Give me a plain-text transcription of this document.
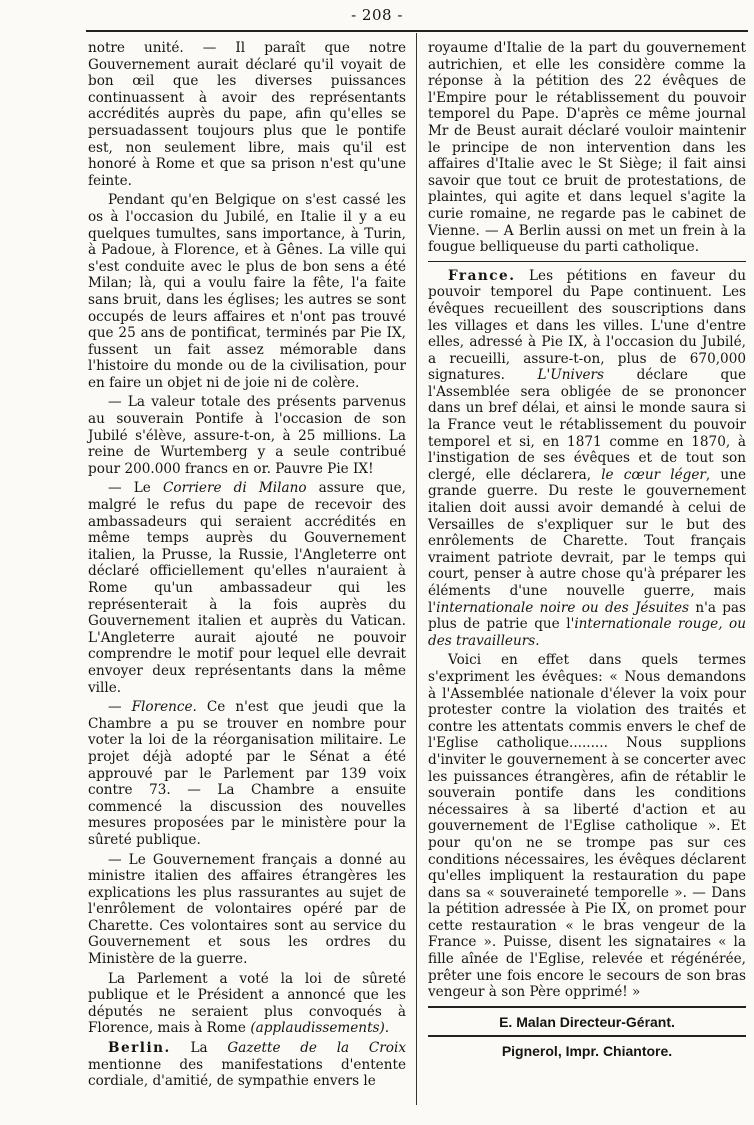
- 208 -

notre unité. — Il paraît que notre Gouvernement aurait déclaré qu'il voyait de bon œil que les diverses puissances continuassent à avoir des représentants accrédités auprès du pape, afin qu'elles se persuadassent toujours plus que le pontife est, non seulement libre, mais qu'il est honoré à Rome et que sa prison n'est qu'une feinte.

Pendant qu'en Belgique on s'est cassé les os à l'occasion du Jubilé, en Italie il y a eu quelques tumultes, sans importance, à Turin, à Padoue, à Florence, et à Gênes. La ville qui s'est conduite avec le plus de bon sens a été Milan; là, qui a voulu faire la fête, l'a faite sans bruit, dans les églises; les autres se sont occupés de leurs affaires et n'ont pas trouvé que 25 ans de pontificat, terminés par Pie IX, fussent un fait assez mémorable dans l'histoire du monde ou de la civilisation, pour en faire un objet ni de joie ni de colère.

— La valeur totale des présents parvenus au souverain Pontife à l'occasion de son Jubilé s'élève, assure-t-on, à 25 millions. La reine de Wurtemberg y a seule contribué pour 200.000 francs en or. Pauvre Pie IX!

— Le Corriere di Milano assure que, malgré le refus du pape de recevoir des ambassadeurs qui seraient accrédités en même temps auprès du Gouvernement italien, la Prusse, la Russie, l'Angleterre ont déclaré officiellement qu'elles n'auraient à Rome qu'un ambassadeur qui les représenterait à la fois auprès du Gouvernement italien et auprès du Vatican. L'Angleterre aurait ajouté ne pouvoir comprendre le motif pour lequel elle devrait envoyer deux représentants dans la même ville.

— Florence. Ce n'est que jeudi que la Chambre a pu se trouver en nombre pour voter la loi de la réorganisation militaire. Le projet déjà adopté par le Sénat a été approuvé par le Parlement par 139 voix contre 73. — La Chambre a ensuite commencé la discussion des nouvelles mesures proposées par le ministère pour la sûreté publique.

— Le Gouvernement français a donné au ministre italien des affaires étrangères les explications les plus rassurantes au sujet de l'enrôlement de volontaires opéré par de Charette. Ces volontaires sont au service du Gouvernement et sous les ordres du Ministère de la guerre.

La Parlement a voté la loi de sûreté publique et le Président a annoncé que les députés ne seraient plus convoqués à Florence, mais à Rome (applaudissements).

Berlin. La Gazette de la Croix mentionne des manifestations d'entente cordiale, d'amitié, de sympathie envers le

royaume d'Italie de la part du gouvernement autrichien, et elle les considère comme la réponse à la pétition des 22 évêques de l'Empire pour le rétablissement du pouvoir temporel du Pape. D'après ce même journal Mr de Beust aurait déclaré vouloir maintenir le principe de non intervention dans les affaires d'Italie avec le St Siège; il fait ainsi savoir que tout ce bruit de protestations, de plaintes, qui agite et dans lequel s'agite la curie romaine, ne regarde pas le cabinet de Vienne. — A Berlin aussi on met un frein à la fougue belliqueuse du parti catholique.

France. Les pétitions en faveur du pouvoir temporel du Pape continuent. Les évêques recueillent des souscriptions dans les villages et dans les villes. L'une d'entre elles, adressé à Pie IX, à l'occasion du Jubilé, a recueilli, assure-t-on, plus de 670,000 signatures. L'Univers déclare que l'Assemblée sera obligée de se prononcer dans un bref délai, et ainsi le monde saura si la France veut le rétablissement du pouvoir temporel et si, en 1871 comme en 1870, à l'instigation de ses évêques et de tout son clergé, elle déclarera, le cœur léger, une grande guerre. Du reste le gouvernement italien doit aussi avoir demandé à celui de Versailles de s'expliquer sur le but des enrôlements de Charette. Tout français vraiment patriote devrait, par le temps qui court, penser à autre chose qu'à préparer les éléments d'une nouvelle guerre, mais l'internationale noire ou des Jésuites n'a pas plus de patrie que l'internationale rouge, ou des travailleurs.

Voici en effet dans quels termes s'expriment les évêques: « Nous demandons à l'Assemblée nationale d'élever la voix pour protester contre la violation des traités et contre les attentats commis envers le chef de l'Eglise catholique......... Nous supplions d'inviter le gouvernement à se concerter avec les puissances étrangères, afin de rétablir le souverain pontife dans les conditions nécessaires à sa liberté d'action et au gouvernement de l'Eglise catholique ». Et pour qu'on ne se trompe pas sur ces conditions nécessaires, les évêques déclarent qu'elles impliquent la restauration du pape dans sa « souveraineté temporelle ». — Dans la pétition adressée à Pie IX, on promet pour cette restauration « le bras vengeur de la France ». Puisse, disent les signataires « la fille aînée de l'Eglise, relevée et régénérée, prêter une fois encore le secours de son bras vengeur à son Père opprimé! »

E. Malan Directeur-Gérant.
Pignerol, Impr. Chiantore.
